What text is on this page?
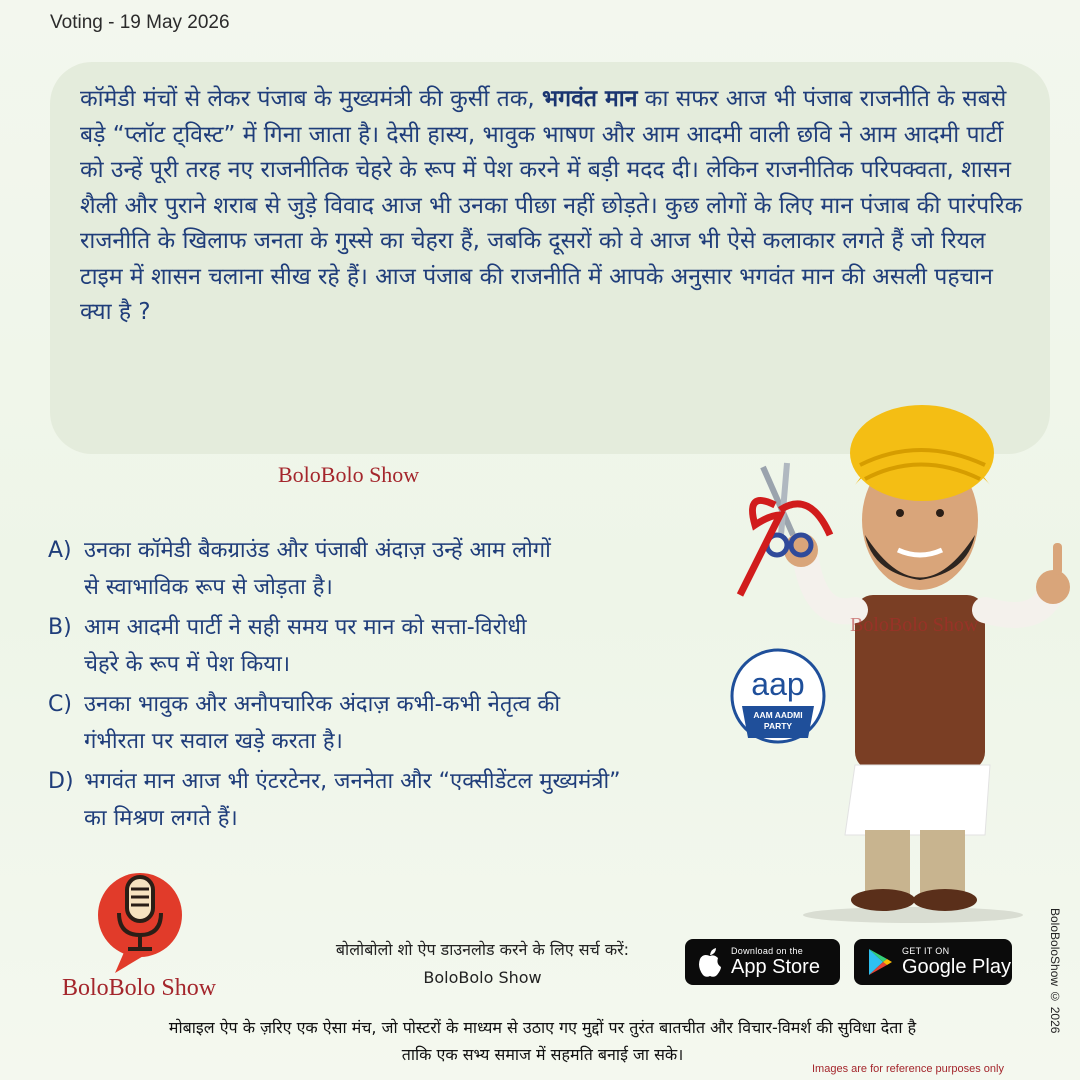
Voting - 19 May 2026

कॉमेडी मंचों से लेकर पंजाब के मुख्यमंत्री की कुर्सी तक, भगवंत मान का सफर आज भी पंजाब राजनीति के सबसे बड़े “प्लॉट ट्विस्ट” में गिना जाता है। देसी हास्य, भावुक भाषण और आम आदमी वाली छवि ने आम आदमी पार्टी को उन्हें पूरी तरह नए राजनीतिक चेहरे के रूप में पेश करने में बड़ी मदद दी। लेकिन राजनीतिक परिपक्वता, शासन शैली और पुराने शराब से जुड़े विवाद आज भी उनका पीछा नहीं छोड़ते। कुछ लोगों के लिए मान पंजाब की पारंपरिक राजनीति के खिलाफ जनता के गुस्से का चेहरा हैं, जबकि दूसरों को वे आज भी ऐसे कलाकार लगते हैं जो रियल टाइम में शासन चलाना सीख रहे हैं। आज पंजाब की राजनीति में आपके अनुसार भगवंत मान की असली पहचान क्या है ?

BoloBolo Show
A) उनका कॉमेडी बैकग्राउंड और पंजाबी अंदाज़ उन्हें आम लोगों
से स्वाभाविक रूप से जोड़ता है।
B) आम आदमी पार्टी ने सही समय पर मान को सत्ता-विरोधी
चेहरे के रूप में पेश किया।
C) उनका भावुक और अनौपचारिक अंदाज़ कभी-कभी नेतृत्व की
गंभीरता पर सवाल खड़े करता है।
D) भगवंत मान आज भी एंटरटेनर, जननेता और “एक्सीडेंटल मुख्यमंत्री”
का मिश्रण लगते हैं।
BoloBolo Show
aap
AAM AADMI
PARTY
BoloBoloShow © 2026
BoloBolo Show
बोलोबोलो शो ऐप डाउनलोड करने के लिए सर्च करें:
BoloBolo Show
Download on the
App Store
GET IT ON
Google Play
मोबाइल ऐप के ज़रिए एक ऐसा मंच, जो पोस्टरों के माध्यम से उठाए गए मुद्दों पर तुरंत बातचीत और विचार-विमर्श की सुविधा देता है
ताकि एक सभ्य समाज में सहमति बनाई जा सके।
Images are for reference purposes only
